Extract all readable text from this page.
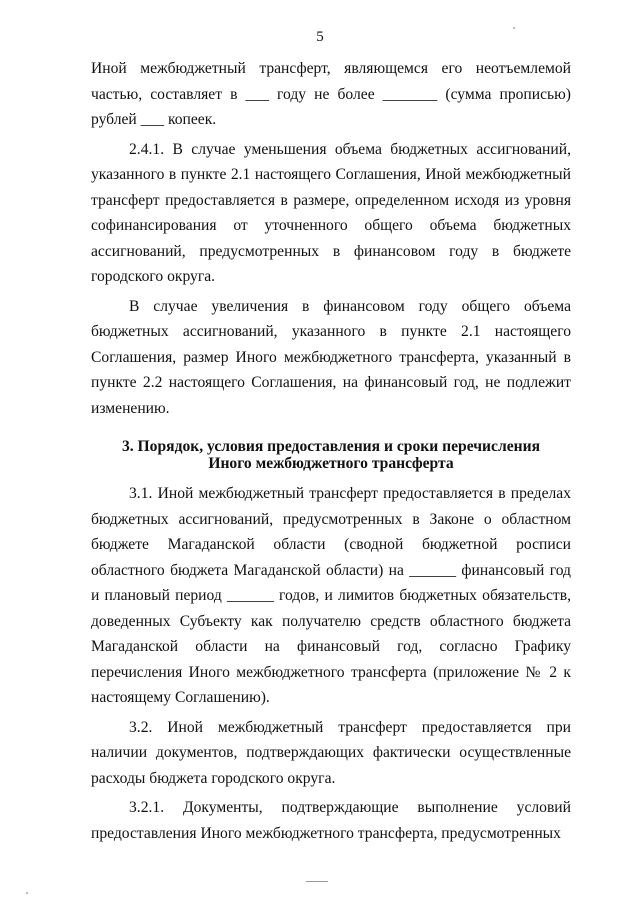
5

Иной межбюджетный трансферт, являющемся его неотъемлемой частью, составляет в ___ году не более _______ (сумма прописью) рублей ___ копеек.

2.4.1. В случае уменьшения объема бюджетных ассигнований, указанного в пункте 2.1 настоящего Соглашения, Иной межбюджетный трансферт предоставляется в размере, определенном исходя из уровня софинансирования от уточненного общего объема бюджетных ассигнований, предусмотренных в финансовом году в бюджете городского округа.

В случае увеличения в финансовом году общего объема бюджетных ассигнований, указанного в пункте 2.1 настоящего Соглашения, размер Иного межбюджетного трансферта, указанный в пункте 2.2 настоящего Соглашения, на финансовый год, не подлежит изменению.

3. Порядок, условия предоставления и сроки перечисления
Иного межбюджетного трансферта

3.1. Иной межбюджетный трансферт предоставляется в пределах бюджетных ассигнований, предусмотренных в Законе о областном бюджете Магаданской области (сводной бюджетной росписи областного бюджета Магаданской области) на ______ финансовый год и плановый период ______ годов, и лимитов бюджетных обязательств, доведенных Субъекту как получателю средств областного бюджета Магаданской области на финансовый год, согласно Графику перечисления Иного межбюджетного трансферта (приложение № 2 к настоящему Соглашению).

3.2. Иной межбюджетный трансферт предоставляется при наличии документов, подтверждающих фактически осуществленные расходы бюджета городского округа.

3.2.1. Документы, подтверждающие выполнение условий предоставления Иного межбюджетного трансферта, предусмотренных
